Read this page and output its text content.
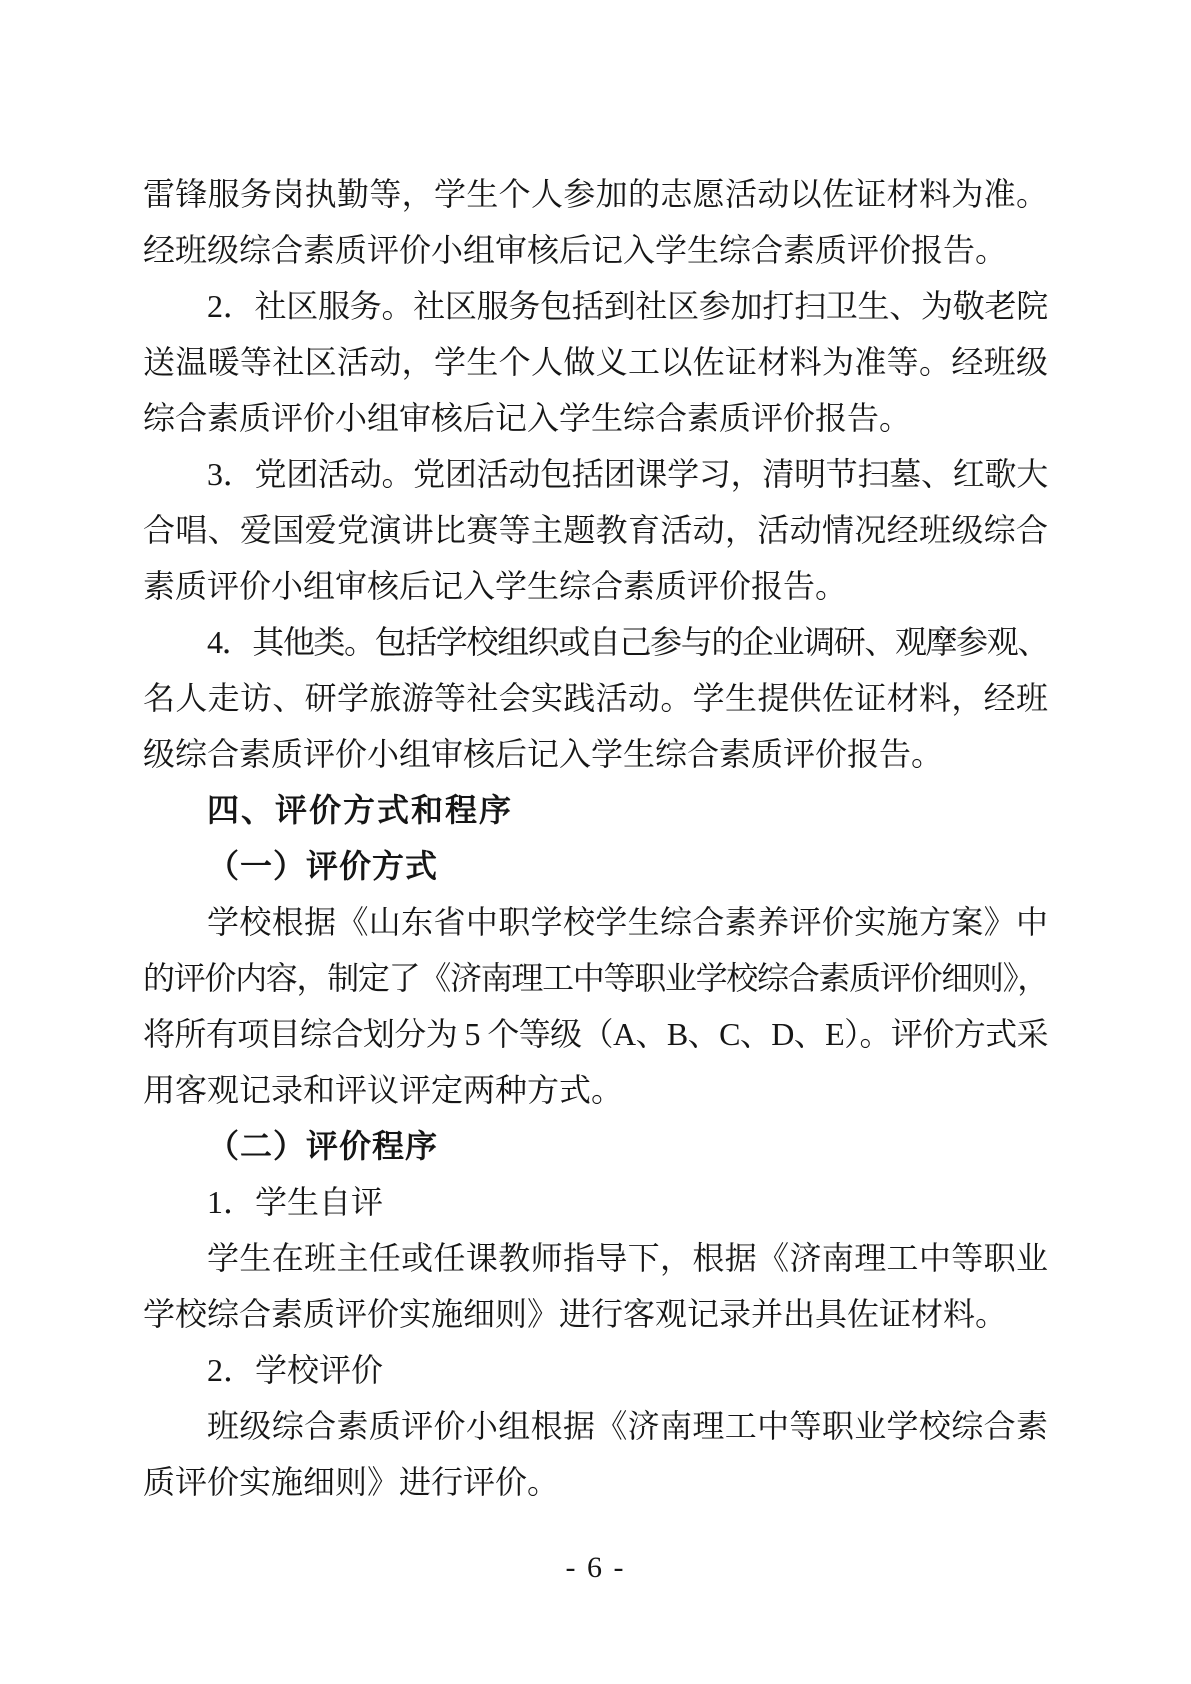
雷锋服务岗执勤等，学生个人参加的志愿活动以佐证材料为准。
经班级综合素质评价小组审核后记入学生综合素质评价报告。
2．社区服务。社区服务包括到社区参加打扫卫生、为敬老院
送温暖等社区活动，学生个人做义工以佐证材料为准等。经班级
综合素质评价小组审核后记入学生综合素质评价报告。
3．党团活动。党团活动包括团课学习，清明节扫墓、红歌大
合唱、爱国爱党演讲比赛等主题教育活动，活动情况经班级综合
素质评价小组审核后记入学生综合素质评价报告。
4．其他类。包括学校组织或自己参与的企业调研、观摩参观、
名人走访、研学旅游等社会实践活动。学生提供佐证材料，经班
级综合素质评价小组审核后记入学生综合素质评价报告。
四、评价方式和程序
（一）评价方式
学校根据《山东省中职学校学生综合素养评价实施方案》中
的评价内容，制定了《济南理工中等职业学校综合素质评价细则》，
将所有项目综合划分为 5 个等级（A、B、C、D、E）。评价方式采
用客观记录和评议评定两种方式。
（二）评价程序
1．学生自评
学生在班主任或任课教师指导下，根据《济南理工中等职业
学校综合素质评价实施细则》进行客观记录并出具佐证材料。
2．学校评价
班级综合素质评价小组根据《济南理工中等职业学校综合素
质评价实施细则》进行评价。
- 6 -
